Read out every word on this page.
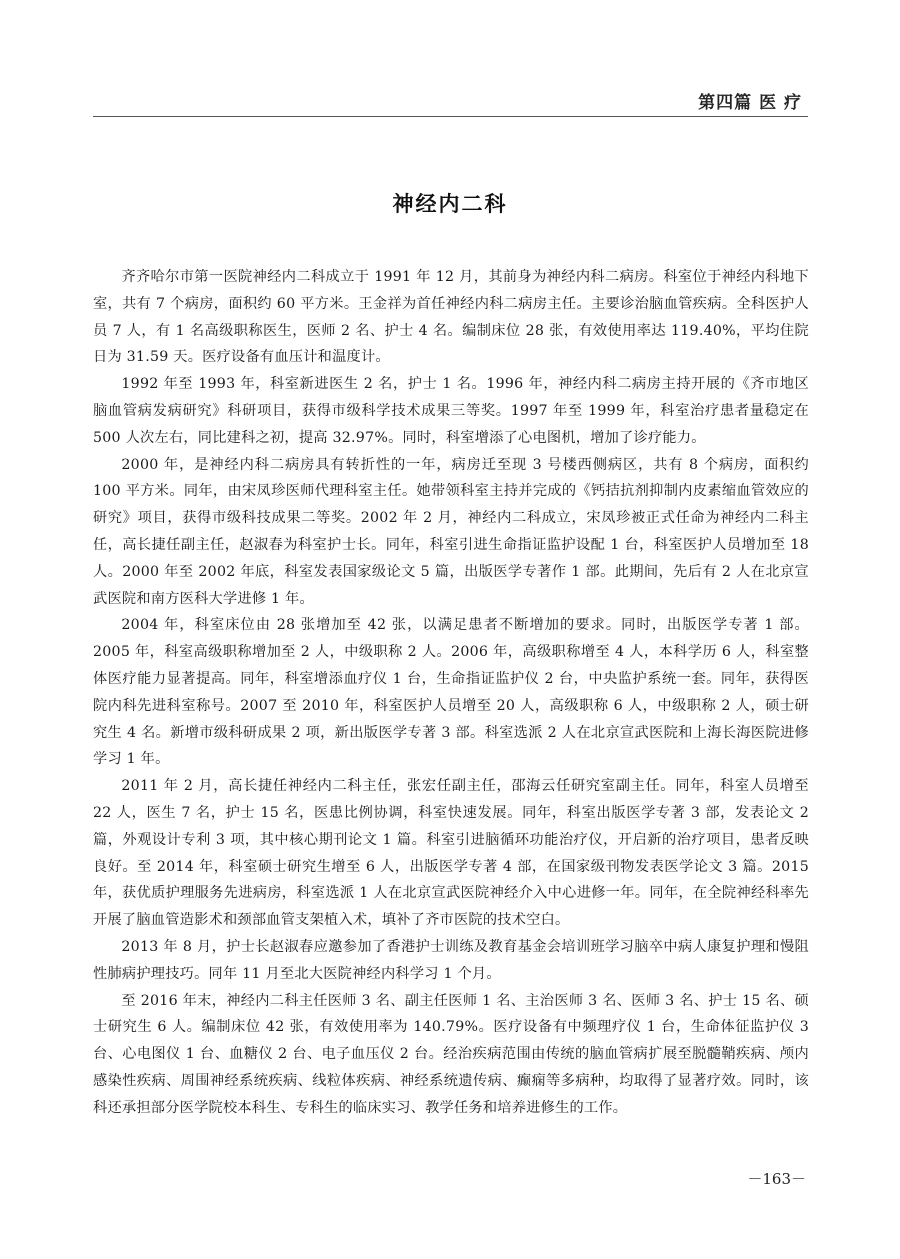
第四篇 医 疗
神经内二科

齐齐哈尔市第一医院神经内二科成立于 1991 年 12 月，其前身为神经内科二病房。科室位于神经内科地下室，共有 7 个病房，面积约 60 平方米。王金祥为首任神经内科二病房主任。主要诊治脑血管疾病。全科医护人员 7 人，有 1 名高级职称医生，医师 2 名、护士 4 名。编制床位 28 张，有效使用率达 119.40%，平均住院日为 31.59 天。医疗设备有血压计和温度计。

1992 年至 1993 年，科室新进医生 2 名，护士 1 名。1996 年，神经内科二病房主持开展的《齐市地区脑血管病发病研究》科研项目，获得市级科学技术成果三等奖。1997 年至 1999 年，科室治疗患者量稳定在 500 人次左右，同比建科之初，提高 32.97%。同时，科室增添了心电图机，增加了诊疗能力。

2000 年，是神经内科二病房具有转折性的一年，病房迁至现 3 号楼西侧病区，共有 8 个病房，面积约 100 平方米。同年，由宋凤珍医师代理科室主任。她带领科室主持并完成的《钙拮抗剂抑制内皮素缩血管效应的研究》项目，获得市级科技成果二等奖。2002 年 2 月，神经内二科成立，宋凤珍被正式任命为神经内二科主任，高长捷任副主任，赵淑春为科室护士长。同年，科室引进生命指证监护设配 1 台，科室医护人员增加至 18 人。2000 年至 2002 年底，科室发表国家级论文 5 篇，出版医学专著作 1 部。此期间，先后有 2 人在北京宣武医院和南方医科大学进修 1 年。

2004 年，科室床位由 28 张增加至 42 张，以满足患者不断增加的要求。同时，出版医学专著 1 部。2005 年，科室高级职称增加至 2 人，中级职称 2 人。2006 年，高级职称增至 4 人，本科学历 6 人，科室整体医疗能力显著提高。同年，科室增添血疗仪 1 台，生命指证监护仪 2 台，中央监护系统一套。同年，获得医院内科先进科室称号。2007 至 2010 年，科室医护人员增至 20 人，高级职称 6 人，中级职称 2 人，硕士研究生 4 名。新增市级科研成果 2 项，新出版医学专著 3 部。科室选派 2 人在北京宣武医院和上海长海医院进修学习 1 年。

2011 年 2 月，高长捷任神经内二科主任，张宏任副主任，邵海云任研究室副主任。同年，科室人员增至 22 人，医生 7 名，护士 15 名，医患比例协调，科室快速发展。同年，科室出版医学专著 3 部，发表论文 2 篇，外观设计专利 3 项，其中核心期刊论文 1 篇。科室引进脑循环功能治疗仪，开启新的治疗项目，患者反映良好。至 2014 年，科室硕士研究生增至 6 人，出版医学专著 4 部，在国家级刊物发表医学论文 3 篇。2015 年，获优质护理服务先进病房，科室选派 1 人在北京宣武医院神经介入中心进修一年。同年，在全院神经科率先开展了脑血管造影术和颈部血管支架植入术，填补了齐市医院的技术空白。

2013 年 8 月，护士长赵淑春应邀参加了香港护士训练及教育基金会培训班学习脑卒中病人康复护理和慢阻性肺病护理技巧。同年 11 月至北大医院神经内科学习 1 个月。

至 2016 年末，神经内二科主任医师 3 名、副主任医师 1 名、主治医师 3 名、医师 3 名、护士 15 名、硕士研究生 6 人。编制床位 42 张，有效使用率为 140.79%。医疗设备有中频理疗仪 1 台，生命体征监护仪 3 台、心电图仪 1 台、血糖仪 2 台、电子血压仪 2 台。经治疾病范围由传统的脑血管病扩展至脱髓鞘疾病、颅内感染性疾病、周围神经系统疾病、线粒体疾病、神经系统遗传病、癫痫等多病种，均取得了显著疗效。同时，该科还承担部分医学院校本科生、专科生的临床实习、教学任务和培养进修生的工作。

－163－
